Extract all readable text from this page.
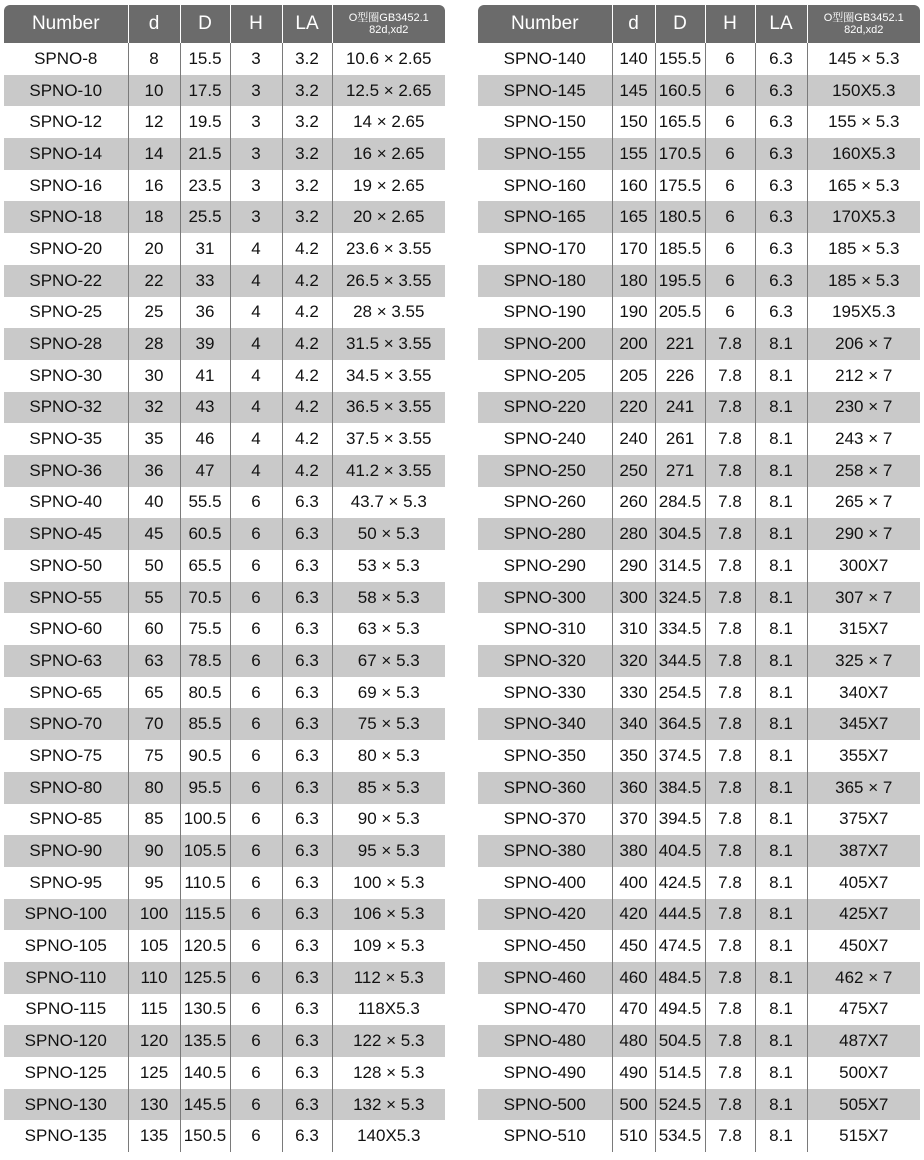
Number	d	D	H	LA	O型圈GB3452.1
82d,xd2
SPNO-8	8	15.5	3	3.2	10.6 × 2.65
SPNO-10	10	17.5	3	3.2	12.5 × 2.65
SPNO-12	12	19.5	3	3.2	14 × 2.65
SPNO-14	14	21.5	3	3.2	16 × 2.65
SPNO-16	16	23.5	3	3.2	19 × 2.65
SPNO-18	18	25.5	3	3.2	20 × 2.65
SPNO-20	20	31	4	4.2	23.6 × 3.55
SPNO-22	22	33	4	4.2	26.5 × 3.55
SPNO-25	25	36	4	4.2	28 × 3.55
SPNO-28	28	39	4	4.2	31.5 × 3.55
SPNO-30	30	41	4	4.2	34.5 × 3.55
SPNO-32	32	43	4	4.2	36.5 × 3.55
SPNO-35	35	46	4	4.2	37.5 × 3.55
SPNO-36	36	47	4	4.2	41.2 × 3.55
SPNO-40	40	55.5	6	6.3	43.7 × 5.3
SPNO-45	45	60.5	6	6.3	50 × 5.3
SPNO-50	50	65.5	6	6.3	53 × 5.3
SPNO-55	55	70.5	6	6.3	58 × 5.3
SPNO-60	60	75.5	6	6.3	63 × 5.3
SPNO-63	63	78.5	6	6.3	67 × 5.3
SPNO-65	65	80.5	6	6.3	69 × 5.3
SPNO-70	70	85.5	6	6.3	75 × 5.3
SPNO-75	75	90.5	6	6.3	80 × 5.3
SPNO-80	80	95.5	6	6.3	85 × 5.3
SPNO-85	85	100.5	6	6.3	90 × 5.3
SPNO-90	90	105.5	6	6.3	95 × 5.3
SPNO-95	95	110.5	6	6.3	100 × 5.3
SPNO-100	100	115.5	6	6.3	106 × 5.3
SPNO-105	105	120.5	6	6.3	109 × 5.3
SPNO-110	110	125.5	6	6.3	112 × 5.3
SPNO-115	115	130.5	6	6.3	118X5.3
SPNO-120	120	135.5	6	6.3	122 × 5.3
SPNO-125	125	140.5	6	6.3	128 × 5.3
SPNO-130	130	145.5	6	6.3	132 × 5.3
SPNO-135	135	150.5	6	6.3	140X5.3
Number	d	D	H	LA	O型圈GB3452.1
82d,xd2
SPNO-140	140	155.5	6	6.3	145 × 5.3
SPNO-145	145	160.5	6	6.3	150X5.3
SPNO-150	150	165.5	6	6.3	155 × 5.3
SPNO-155	155	170.5	6	6.3	160X5.3
SPNO-160	160	175.5	6	6.3	165 × 5.3
SPNO-165	165	180.5	6	6.3	170X5.3
SPNO-170	170	185.5	6	6.3	185 × 5.3
SPNO-180	180	195.5	6	6.3	185 × 5.3
SPNO-190	190	205.5	6	6.3	195X5.3
SPNO-200	200	221	7.8	8.1	206 × 7
SPNO-205	205	226	7.8	8.1	212 × 7
SPNO-220	220	241	7.8	8.1	230 × 7
SPNO-240	240	261	7.8	8.1	243 × 7
SPNO-250	250	271	7.8	8.1	258 × 7
SPNO-260	260	284.5	7.8	8.1	265 × 7
SPNO-280	280	304.5	7.8	8.1	290 × 7
SPNO-290	290	314.5	7.8	8.1	300X7
SPNO-300	300	324.5	7.8	8.1	307 × 7
SPNO-310	310	334.5	7.8	8.1	315X7
SPNO-320	320	344.5	7.8	8.1	325 × 7
SPNO-330	330	254.5	7.8	8.1	340X7
SPNO-340	340	364.5	7.8	8.1	345X7
SPNO-350	350	374.5	7.8	8.1	355X7
SPNO-360	360	384.5	7.8	8.1	365 × 7
SPNO-370	370	394.5	7.8	8.1	375X7
SPNO-380	380	404.5	7.8	8.1	387X7
SPNO-400	400	424.5	7.8	8.1	405X7
SPNO-420	420	444.5	7.8	8.1	425X7
SPNO-450	450	474.5	7.8	8.1	450X7
SPNO-460	460	484.5	7.8	8.1	462 × 7
SPNO-470	470	494.5	7.8	8.1	475X7
SPNO-480	480	504.5	7.8	8.1	487X7
SPNO-490	490	514.5	7.8	8.1	500X7
SPNO-500	500	524.5	7.8	8.1	505X7
SPNO-510	510	534.5	7.8	8.1	515X7
